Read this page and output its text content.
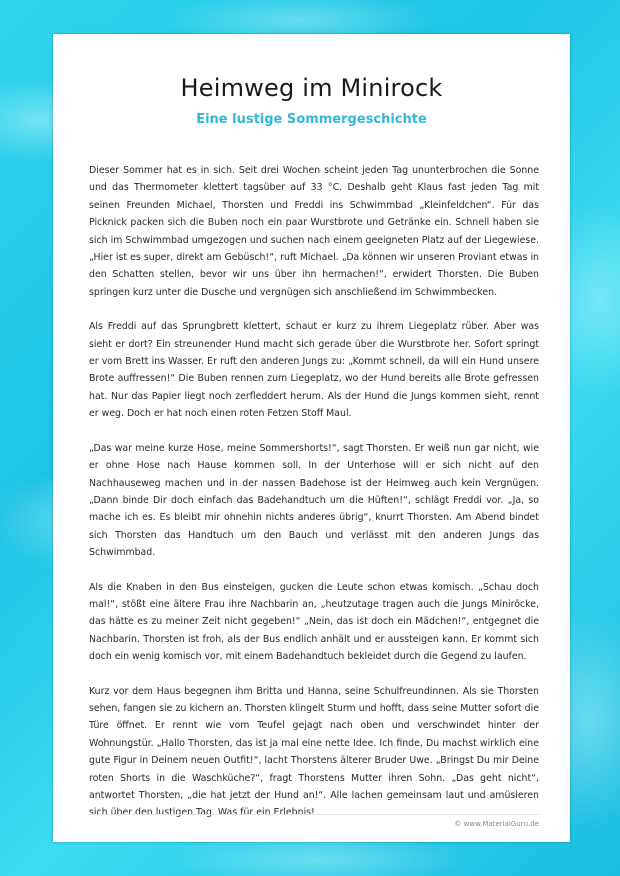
Heimweg im Minirock
Eine lustige Sommergeschichte

Dieser Sommer hat es in sich. Seit drei Wochen scheint jeden Tag ununterbrochen die Sonne und das Thermometer klettert tagsüber auf 33 °C. Deshalb geht Klaus fast jeden Tag mit seinen Freunden Michael, Thorsten und Freddi ins Schwimmbad „Kleinfeldchen“. Für das Picknick packen sich die Buben noch ein paar Wurstbrote und Getränke ein. Schnell haben sie sich im Schwimmbad umgezogen und suchen nach einem geeigneten Platz auf der Liegewiese. „Hier ist es super, direkt am Gebüsch!“, ruft Michael. „Da können wir unseren Proviant etwas in den Schatten stellen, bevor wir uns über ihn hermachen!“, erwidert Thorsten. Die Buben springen kurz unter die Dusche und vergnügen sich anschließend im Schwimmbecken.

Als Freddi auf das Sprungbrett klettert, schaut er kurz zu ihrem Liegeplatz rüber. Aber was sieht er dort? Ein streunender Hund macht sich gerade über die Wurstbrote her. Sofort springt er vom Brett ins Wasser. Er ruft den anderen Jungs zu: „Kommt schnell, da will ein Hund unsere Brote auffressen!“ Die Buben rennen zum Liegeplatz, wo der Hund bereits alle Brote gefressen hat. Nur das Papier liegt noch zerfleddert herum. Als der Hund die Jungs kommen sieht, rennt er weg. Doch er hat noch einen roten Fetzen Stoff Maul.

„Das war meine kurze Hose, meine Sommershorts!“, sagt Thorsten. Er weiß nun gar nicht, wie er ohne Hose nach Hause kommen soll. In der Unterhose will er sich nicht auf den Nachhauseweg machen und in der nassen Badehose ist der Heimweg auch kein Vergnügen. „Dann binde Dir doch einfach das Badehandtuch um die Hüften!“, schlägt Freddi vor. „Ja, so mache ich es. Es bleibt mir ohnehin nichts anderes übrig“, knurrt Thorsten. Am Abend bindet sich Thorsten das Handtuch um den Bauch und verlässt mit den anderen Jungs das Schwimmbad.

Als die Knaben in den Bus einsteigen, gucken die Leute schon etwas komisch. „Schau doch mal!“, stößt eine ältere Frau ihre Nachbarin an, „heutzutage tragen auch die Jungs Miniröcke, das hätte es zu meiner Zeit nicht gegeben!“ „Nein, das ist doch ein Mädchen!“, entgegnet die Nachbarin. Thorsten ist froh, als der Bus endlich anhält und er aussteigen kann. Er kommt sich doch ein wenig komisch vor, mit einem Badehandtuch bekleidet durch die Gegend zu laufen.

Kurz vor dem Haus begegnen ihm Britta und Hanna, seine Schulfreundinnen. Als sie Thorsten sehen, fangen sie zu kichern an. Thorsten klingelt Sturm und hofft, dass seine Mutter sofort die Türe öffnet. Er rennt wie vom Teufel gejagt nach oben und verschwindet hinter der Wohnungstür. „Hallo Thorsten, das ist ja mal eine nette Idee. Ich finde, Du machst wirklich eine gute Figur in Deinem neuen Outfit!“, lacht Thorstens älterer Bruder Uwe. „Bringst Du mir Deine roten Shorts in die Waschküche?“, fragt Thorstens Mutter ihren Sohn. „Das geht nicht“, antwortet Thorsten, „die hat jetzt der Hund an!“. Alle lachen gemeinsam laut und amüsieren sich über den lustigen Tag. Was für ein Erlebnis!

© www.MaterialGuru.de
